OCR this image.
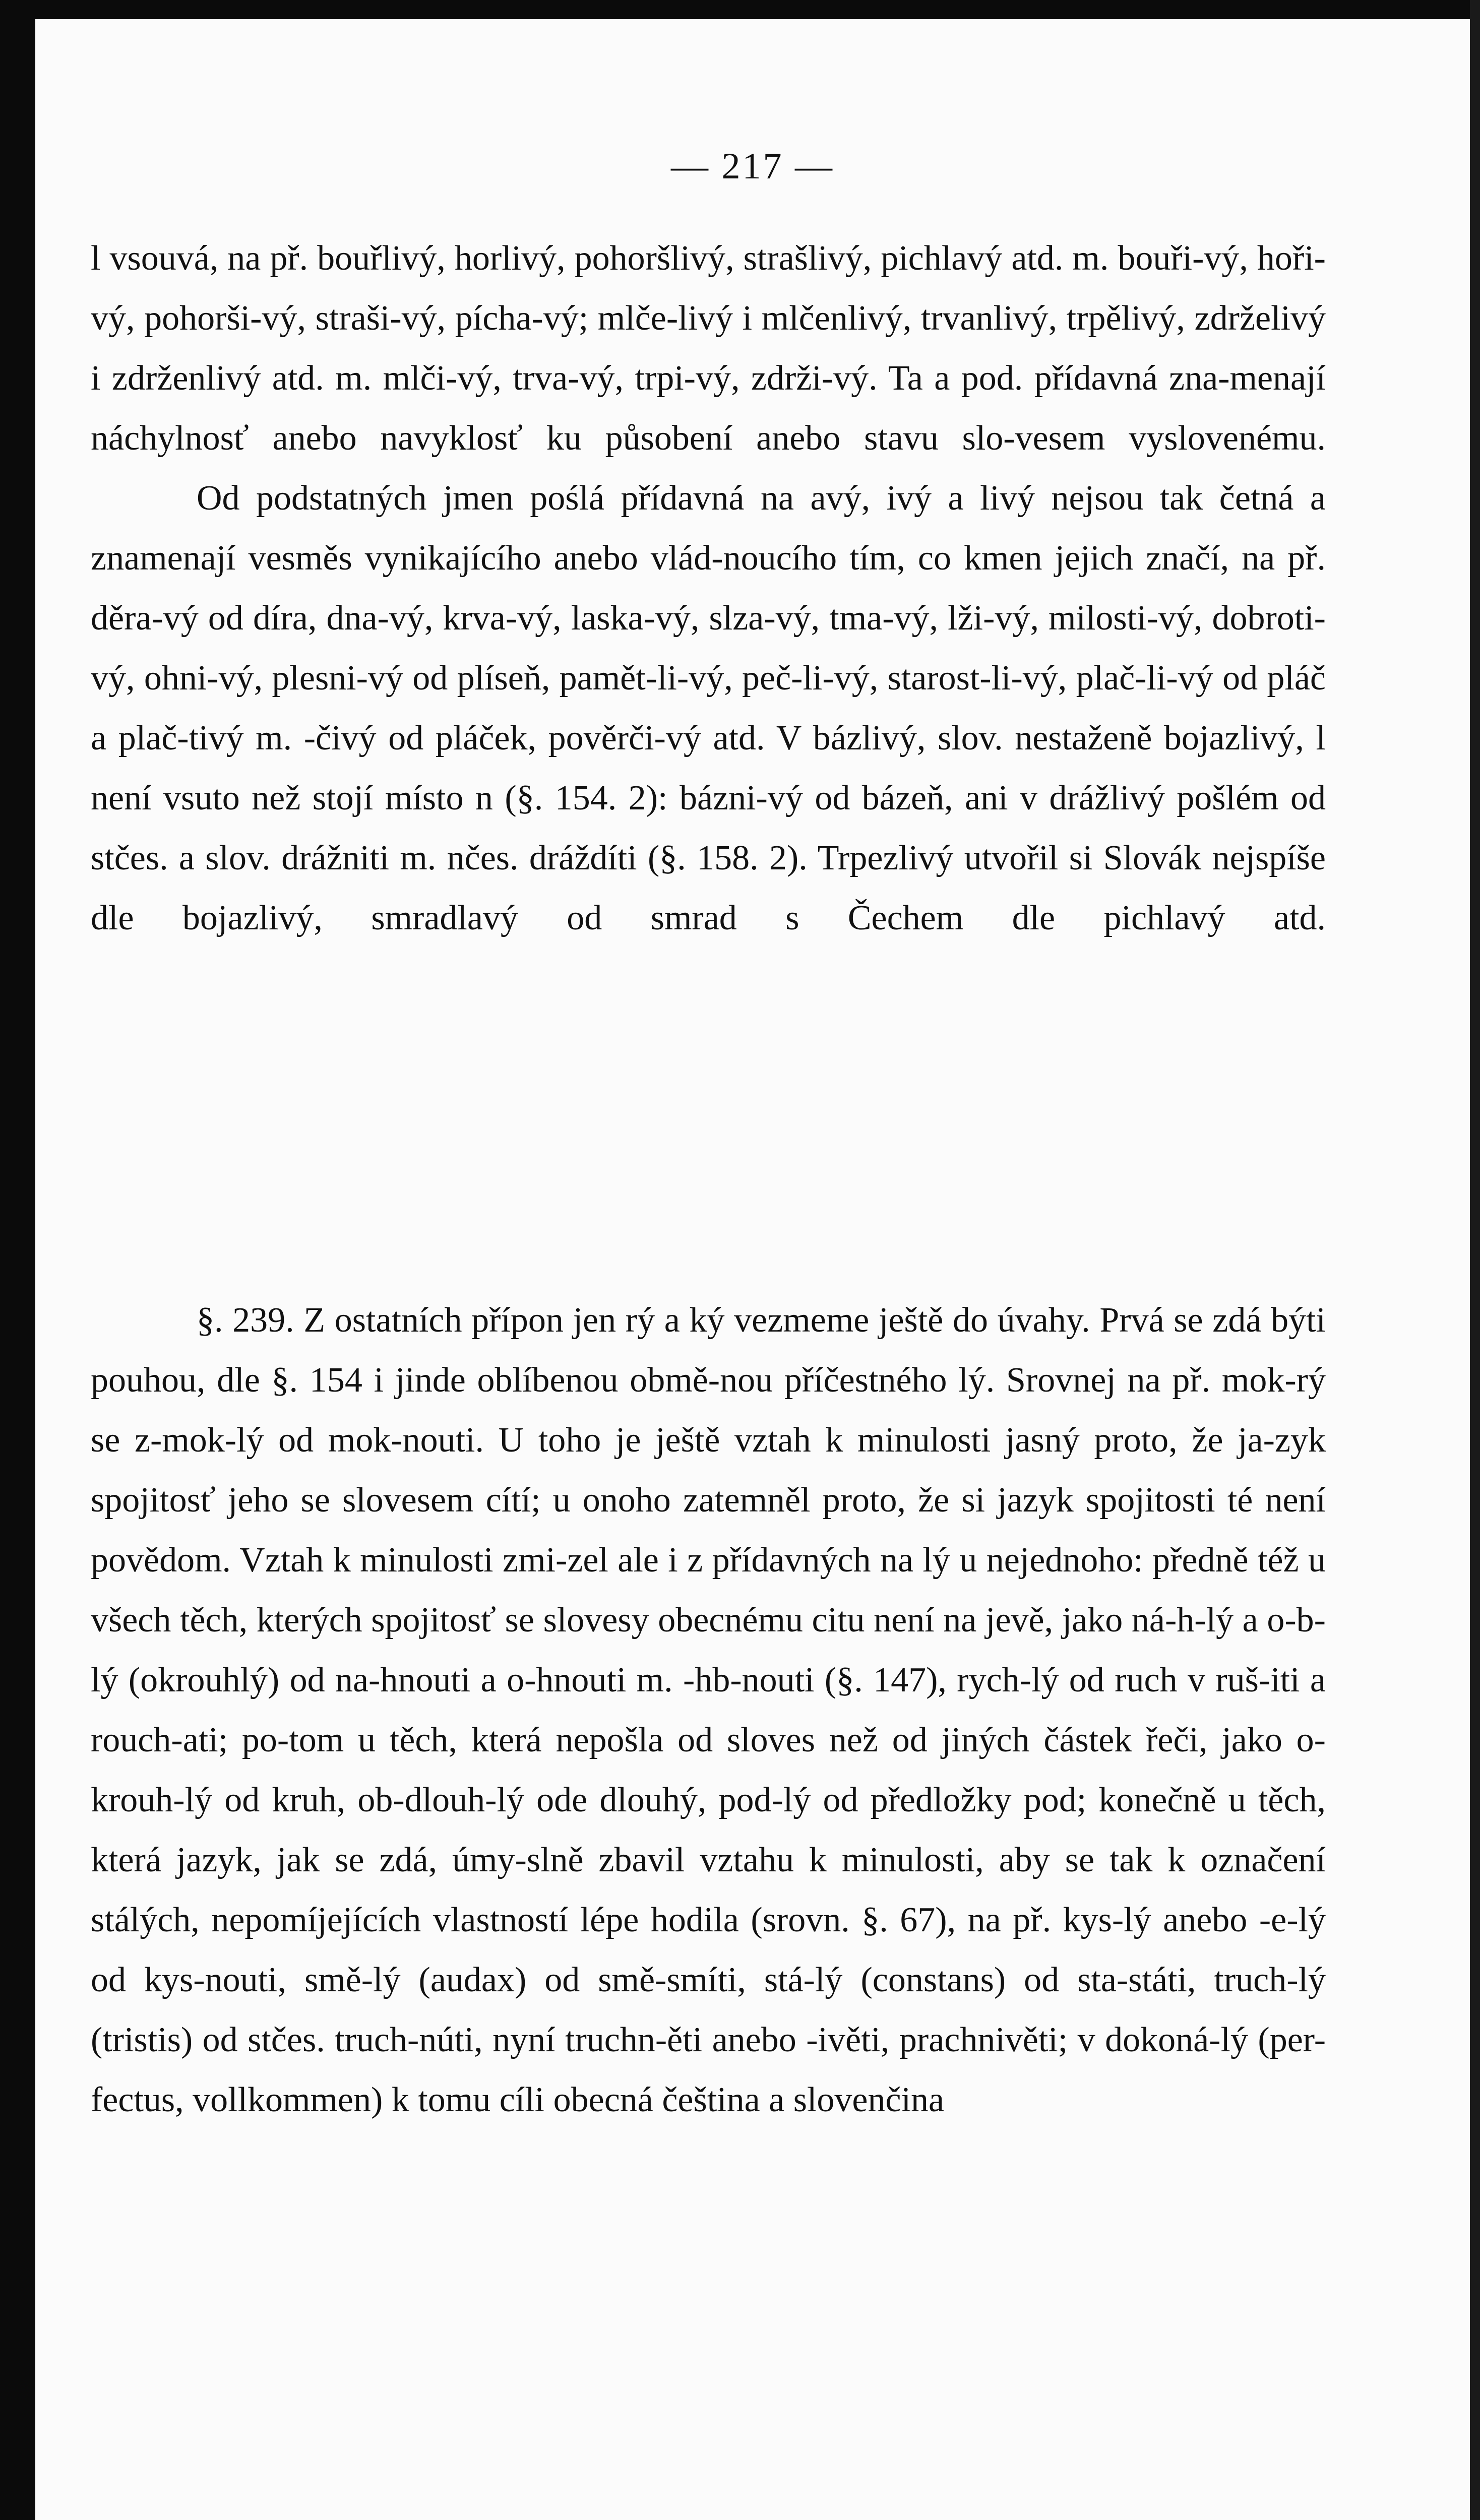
— 217 —

l vsouvá, na př. bouřlivý, horlivý, pohoršlivý, strašlivý, pichlavý atd. m. bouři-vý, hoři-vý, pohorši-vý, straši-vý, pícha-vý; mlče-livý i mlčenlivý, trvanlivý, trpělivý, zdrželivý i zdrženlivý atd. m. mlči-vý, trva-vý, trpi-vý, zdrži-vý. Ta a pod. přídavná zna-menají náchylnosť anebo navyklosť ku působení anebo stavu slo-vesem vyslovenému.

Od podstatných jmen poślá přídavná na avý, ivý a livý nejsou tak četná a znamenají vesměs vynikajícího anebo vlád-noucího tím, co kmen jejich značí, na př. děra-vý od díra, dna-vý, krva-vý, laska-vý, slza-vý, tma-vý, lži-vý, milosti-vý, dobroti-vý, ohni-vý, plesni-vý od plíseň, pamět-li-vý, peč-li-vý, starost-li-vý, plač-li-vý od pláč a plač-tivý m. -čivý od pláček, pověrči-vý atd. V bázlivý, slov. nestaženě bojazlivý, l není vsuto než stojí místo n (§. 154. 2): bázni-vý od bázeň, ani v drážlivý pošlém od stčes. a slov. drážniti m. nčes. dráždíti (§. 158. 2). Trpezlivý utvořil si Slovák nejspíše dle bojazlivý, smradlavý od smrad s Čechem dle pichlavý atd.

§. 239. Z ostatních přípon jen rý a ký vezmeme ještě do úvahy. Prvá se zdá býti pouhou, dle §. 154 i jinde oblíbenou obmě-nou příčestného lý. Srovnej na př. mok-rý se z-mok-lý od mok-nouti. U toho je ještě vztah k minulosti jasný proto, že ja-zyk spojitosť jeho se slovesem cítí; u onoho zatemněl proto, že si jazyk spojitosti té není povědom. Vztah k minulosti zmi-zel ale i z přídavných na lý u nejednoho: předně též u všech těch, kterých spojitosť se slovesy obecnému citu není na jevě, jako ná-h-lý a o-b-lý (okrouhlý) od na-hnouti a o-hnouti m. -hb-nouti (§. 147), rych-lý od ruch v ruš-iti a rouch-ati; po-tom u těch, která nepošla od sloves než od jiných částek řeči, jako o-krouh-lý od kruh, ob-dlouh-lý ode dlouhý, pod-lý od předložky pod; konečně u těch, která jazyk, jak se zdá, úmy-slně zbavil vztahu k minulosti, aby se tak k označení stálých, nepomíjejících vlastností lépe hodila (srovn. §. 67), na př. kys-lý anebo -e-lý od kys-nouti, smě-lý (audax) od smě-smíti, stá-lý (constans) od sta-státi, truch-lý (tristis) od stčes. truch-núti, nyní truchn-ěti anebo -ivěti, prachnivěti; v dokoná-lý (per-fectus, vollkommen) k tomu cíli obecná čeština a slovenčina
